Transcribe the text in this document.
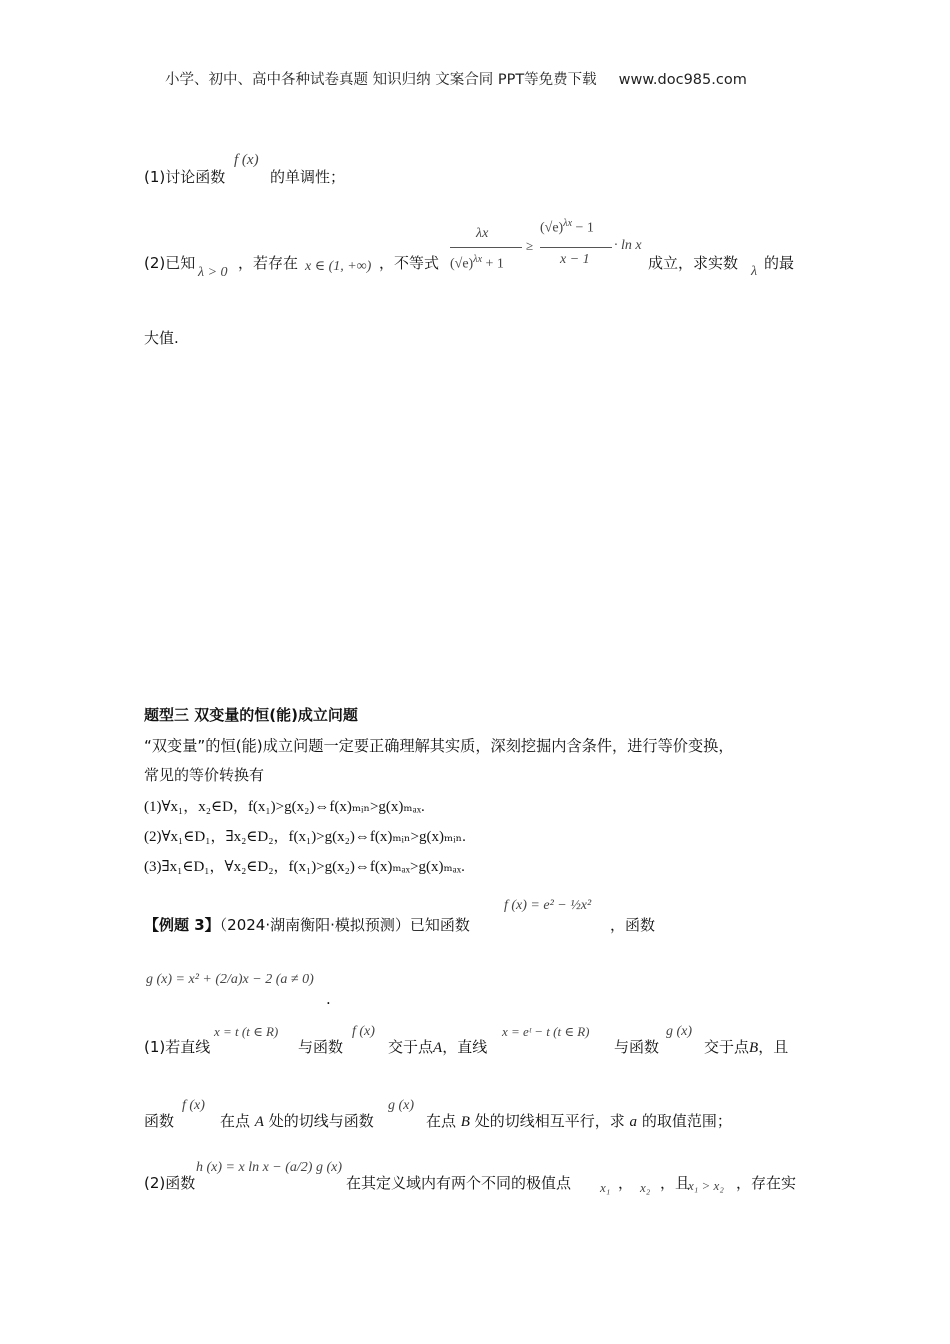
小学、初中、高中各种试卷真题 知识归纳 文案合同 PPT等免费下载 www.doc985.com
(1)讨论函数
f (x)
的单调性；
(2)已知
λ > 0
，若存在 x ∈ (1, +∞) ，不等式
λx
$(√e)^{\lambda x} + 1$
≥
$(√e)^{\lambda x} - 1$
x − 1
· ln x
成立，求实数 λ 的最
大值.
题型三 双变量的恒(能)成立问题
“双变量”的恒(能)成立问题一定要正确理解其实质，深刻挖掘内含条件，进行等价变换，
常见的等价转换有
(1)∀x₁，x₂∈D，f(x₁)>g(x₂)⇔f(x)ₘᵢₙ>g(x)ₘₐₓ.
(2)∀x₁∈D₁，∃x₂∈D₂，f(x₁)>g(x₂)⇔f(x)ₘᵢₙ>g(x)ₘᵢₙ.
(3)∃x₁∈D₁，∀x₂∈D₂，f(x₁)>g(x₂)⇔f(x)ₘₐₓ>g(x)ₘₐₓ.
【例题 3】（2024·湖南衡阳·模拟预测）已知函数
f (x) = e² − ½x²
，函数
g (x) = x² + (2/a)x − 2 (a ≠ 0)
.
(1)若直线
x = t (t ∈ R)
与函数
f (x)
交于点A，直线
x = eᵗ − t (t ∈ R)
与函数
g (x)
交于点B，且
函数
f (x)
在点 A 处的切线与函数
g (x)
在点 B 处的切线相互平行，求 a 的取值范围；
(2)函数
h (x) = x ln x − (a/2) g (x)
在其定义域内有两个不同的极值点 x₁ ， x₂ ，且
x₁ > x₂ ，存在实
